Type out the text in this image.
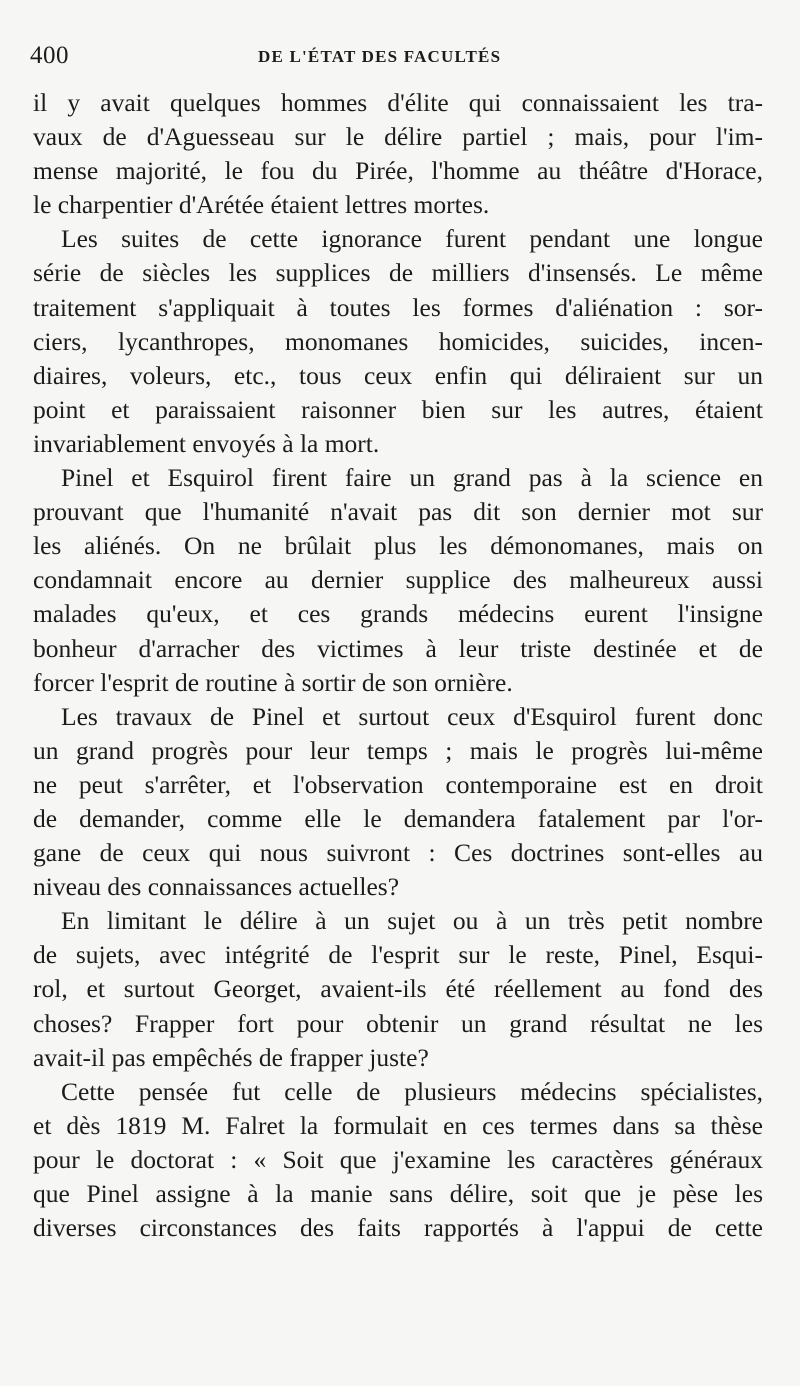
400	DE L'ÉTAT DES FACULTÉS
il y avait quelques hommes d'élite qui connaissaient les tra-
vaux de d'Aguesseau sur le délire partiel ; mais, pour l'im-
mense majorité, le fou du Pirée, l'homme au théâtre d'Horace,
le charpentier d'Arétée étaient lettres mortes.
Les suites de cette ignorance furent pendant une longue
série de siècles les supplices de milliers d'insensés. Le même
traitement s'appliquait à toutes les formes d'aliénation : sor-
ciers, lycanthropes, monomanes homicides, suicides, incen-
diaires, voleurs, etc., tous ceux enfin qui déliraient sur un
point et paraissaient raisonner bien sur les autres, étaient
invariablement envoyés à la mort.
Pinel et Esquirol firent faire un grand pas à la science en
prouvant que l'humanité n'avait pas dit son dernier mot sur
les aliénés. On ne brûlait plus les démonomanes, mais on
condamnait encore au dernier supplice des malheureux aussi
malades qu'eux, et ces grands médecins eurent l'insigne
bonheur d'arracher des victimes à leur triste destinée et de
forcer l'esprit de routine à sortir de son ornière.
Les travaux de Pinel et surtout ceux d'Esquirol furent donc
un grand progrès pour leur temps ; mais le progrès lui-même
ne peut s'arrêter, et l'observation contemporaine est en droit
de demander, comme elle le demandera fatalement par l'or-
gane de ceux qui nous suivront : Ces doctrines sont-elles au
niveau des connaissances actuelles?
En limitant le délire à un sujet ou à un très petit nombre
de sujets, avec intégrité de l'esprit sur le reste, Pinel, Esqui-
rol, et surtout Georget, avaient-ils été réellement au fond des
choses? Frapper fort pour obtenir un grand résultat ne les
avait-il pas empêchés de frapper juste?
Cette pensée fut celle de plusieurs médecins spécialistes,
et dès 1819 M. Falret la formulait en ces termes dans sa thèse
pour le doctorat : « Soit que j'examine les caractères généraux
que Pinel assigne à la manie sans délire, soit que je pèse les
diverses circonstances des faits rapportés à l'appui de cette
